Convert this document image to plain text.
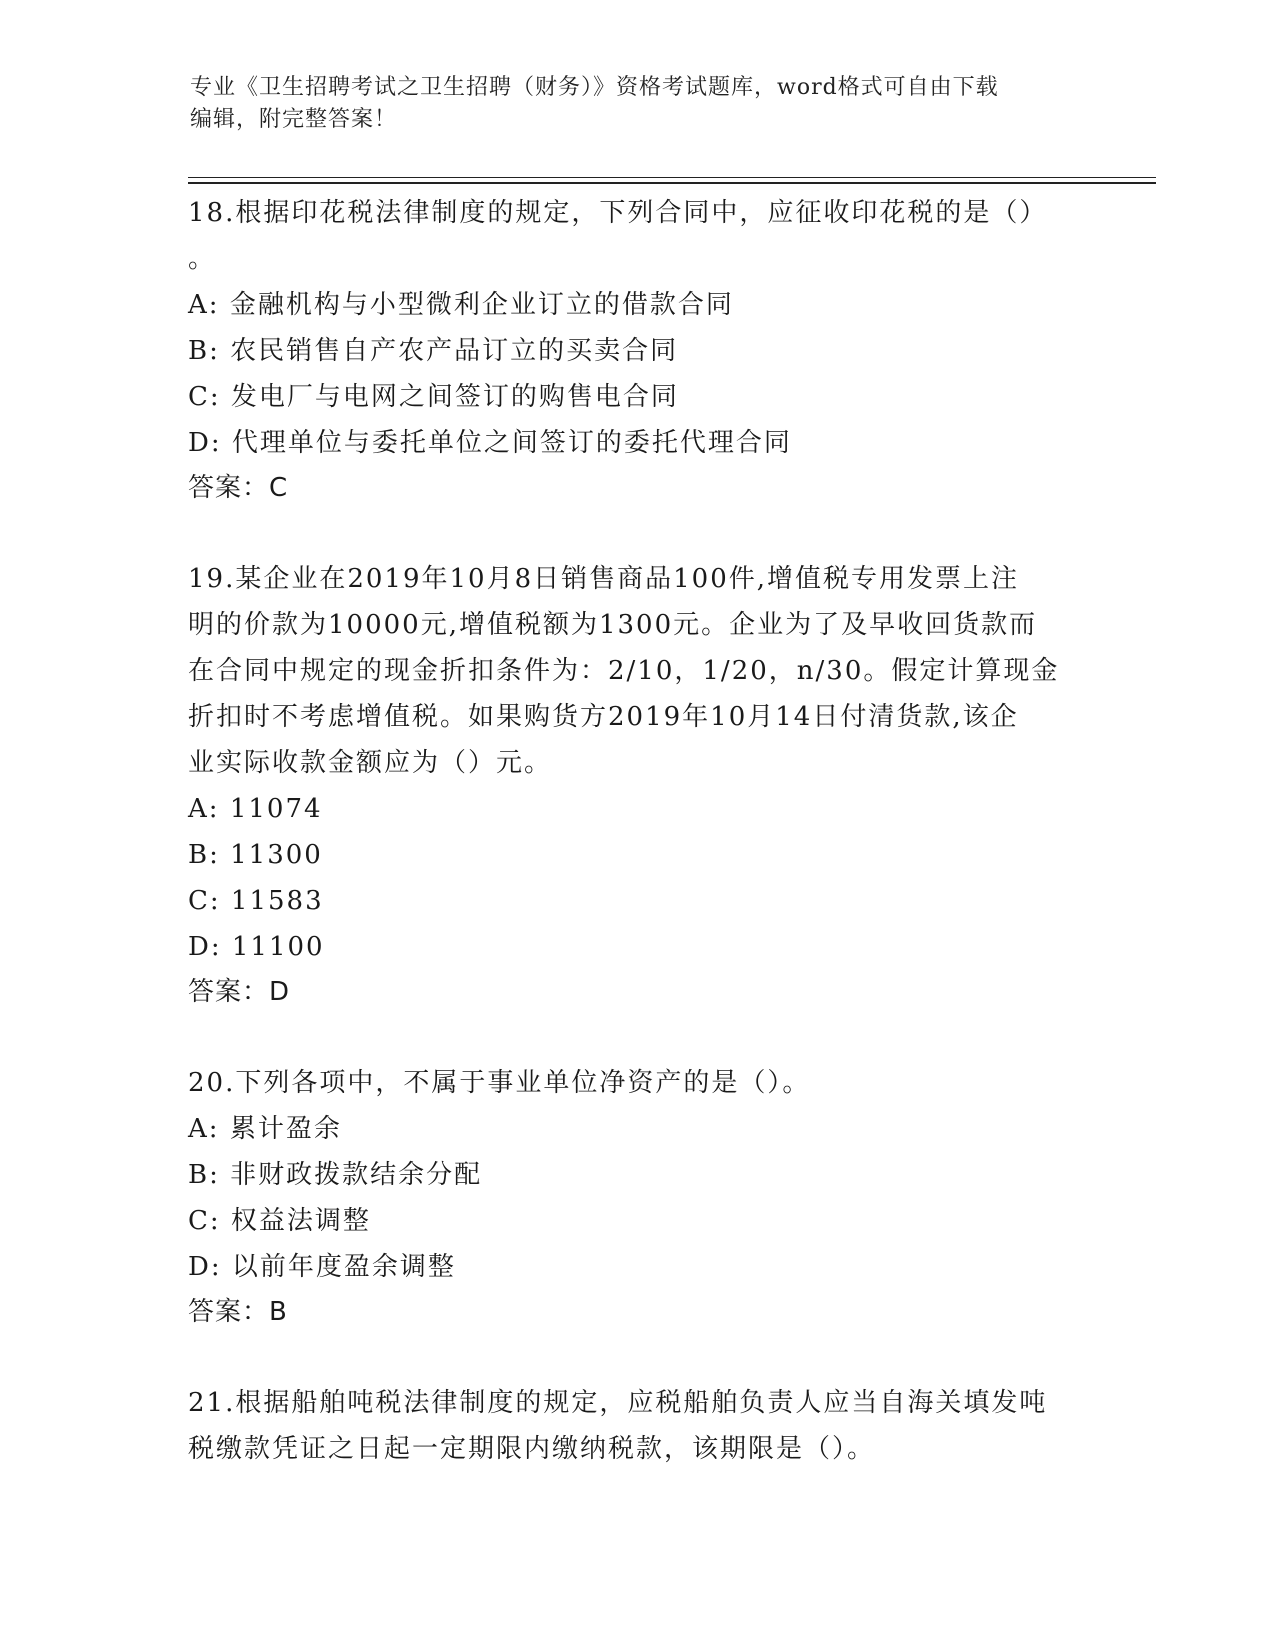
专业《卫生招聘考试之卫生招聘（财务）》资格考试题库，word格式可自由下载
编辑，附完整答案！
18.根据印花税法律制度的规定，下列合同中，应征收印花税的是（）
。
A: 金融机构与小型微利企业订立的借款合同
B: 农民销售自产农产品订立的买卖合同
C: 发电厂与电网之间签订的购售电合同
D: 代理单位与委托单位之间签订的委托代理合同
答案：C
19.某企业在2019年10月8日销售商品100件,增值税专用发票上注
明的价款为10000元,增值税额为1300元。企业为了及早收回货款而
在合同中规定的现金折扣条件为：2/10，1/20，n/30。假定计算现金
折扣时不考虑增值税。如果购货方2019年10月14日付清货款,该企
业实际收款金额应为（）元。
A: 11074
B: 11300
C: 11583
D: 11100
答案：D
20.下列各项中，不属于事业单位净资产的是（）。
A: 累计盈余
B: 非财政拨款结余分配
C: 权益法调整
D: 以前年度盈余调整
答案：B
21.根据船舶吨税法律制度的规定，应税船舶负责人应当自海关填发吨
税缴款凭证之日起一定期限内缴纳税款，该期限是（）。
